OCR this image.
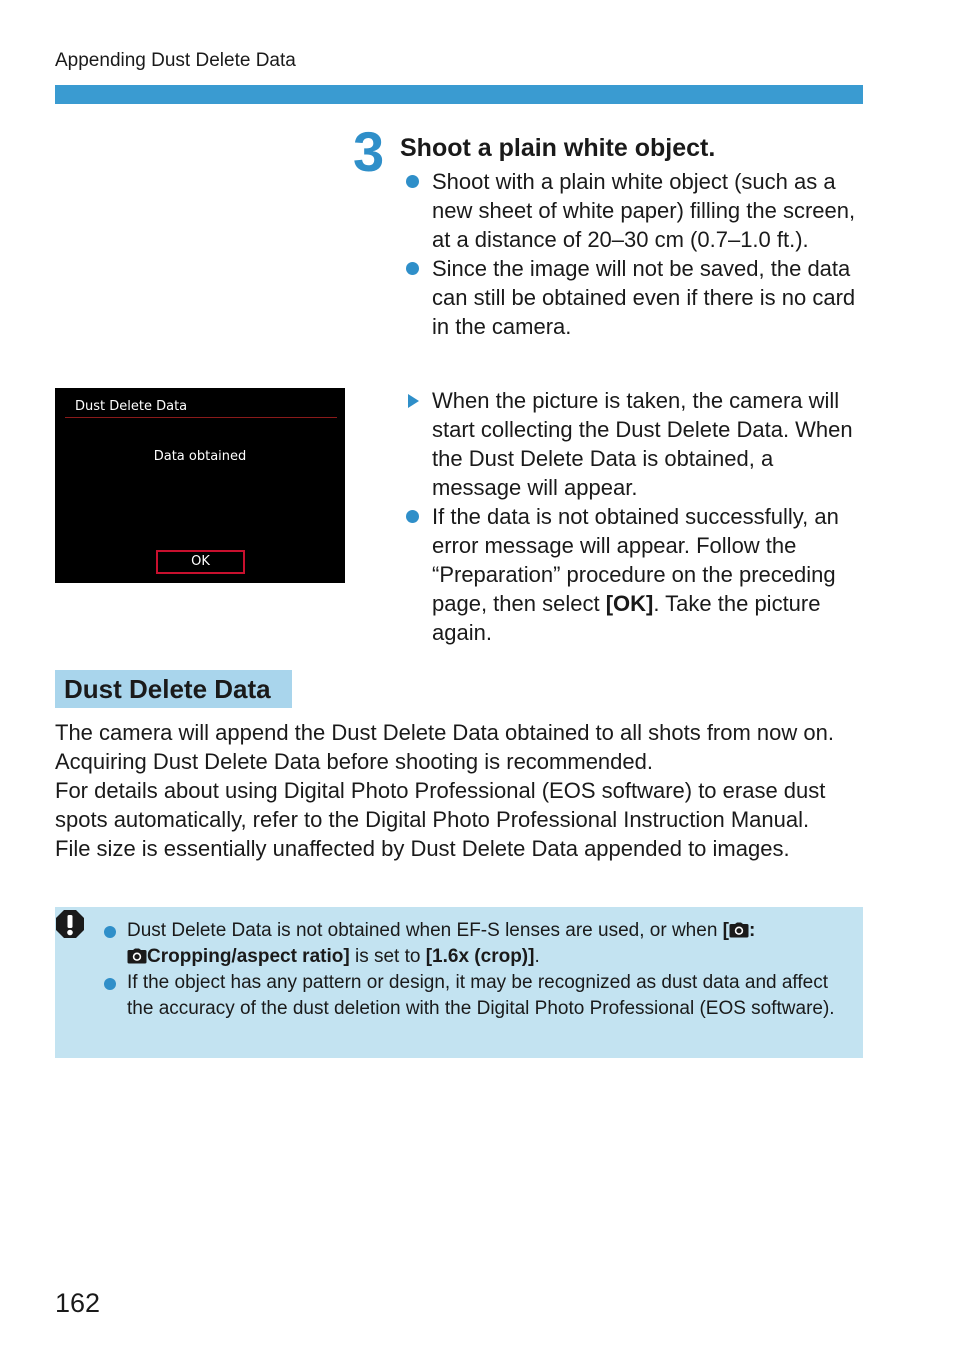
Appending Dust Delete Data
3 Shoot a plain white object.
Shoot with a plain white object (such as a new sheet of white paper) filling the screen, at a distance of 20–30 cm (0.7–1.0 ft.).
Since the image will not be saved, the data can still be obtained even if there is no card in the camera.
Dust Delete Data
Data obtained
OK
When the picture is taken, the camera will start collecting the Dust Delete Data. When the Dust Delete Data is obtained, a message will appear.
If the data is not obtained successfully, an error message will appear. Follow the “Preparation” procedure on the preceding page, then select [OK]. Take the picture again.
Dust Delete Data
The camera will append the Dust Delete Data obtained to all shots from now on. Acquiring Dust Delete Data before shooting is recommended.
For details about using Digital Photo Professional (EOS software) to erase dust spots automatically, refer to the Digital Photo Professional Instruction Manual.
File size is essentially unaffected by Dust Delete Data appended to images.
Dust Delete Data is not obtained when EF-S lenses are used, or when [ :
Cropping/aspect ratio] is set to [1.6x (crop)].
If the object has any pattern or design, it may be recognized as dust data and affect the accuracy of the dust deletion with the Digital Photo Professional (EOS software).
162
